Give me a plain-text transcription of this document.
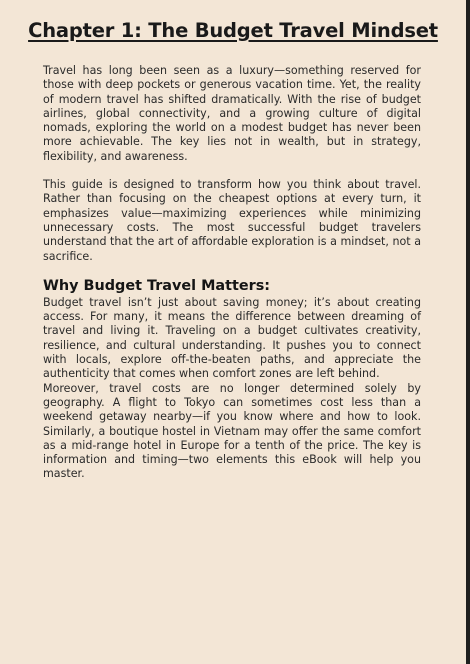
Chapter 1: The Budget Travel Mindset

Travel has long been seen as a luxury—something reserved for those with deep pockets or generous vacation time. Yet, the reality of modern travel has shifted dramatically. With the rise of budget airlines, global connectivity, and a growing culture of digital nomads, exploring the world on a modest budget has never been more achievable. The key lies not in wealth, but in strategy, flexibility, and awareness.

This guide is designed to transform how you think about travel. Rather than focusing on the cheapest options at every turn, it emphasizes value—maximizing experiences while minimizing unnecessary costs. The most successful budget travelers understand that the art of affordable exploration is a mindset, not a sacrifice.

Why Budget Travel Matters:

Budget travel isn’t just about saving money; it’s about creating access. For many, it means the difference between dreaming of travel and living it. Traveling on a budget cultivates creativity, resilience, and cultural understanding. It pushes you to connect with locals, explore off-the-beaten paths, and appreciate the authenticity that comes when comfort zones are left behind.

Moreover, travel costs are no longer determined solely by geography. A flight to Tokyo can sometimes cost less than a weekend getaway nearby—if you know where and how to look. Similarly, a boutique hostel in Vietnam may offer the same comfort as a mid-range hotel in Europe for a tenth of the price. The key is information and timing—two elements this eBook will help you master.
